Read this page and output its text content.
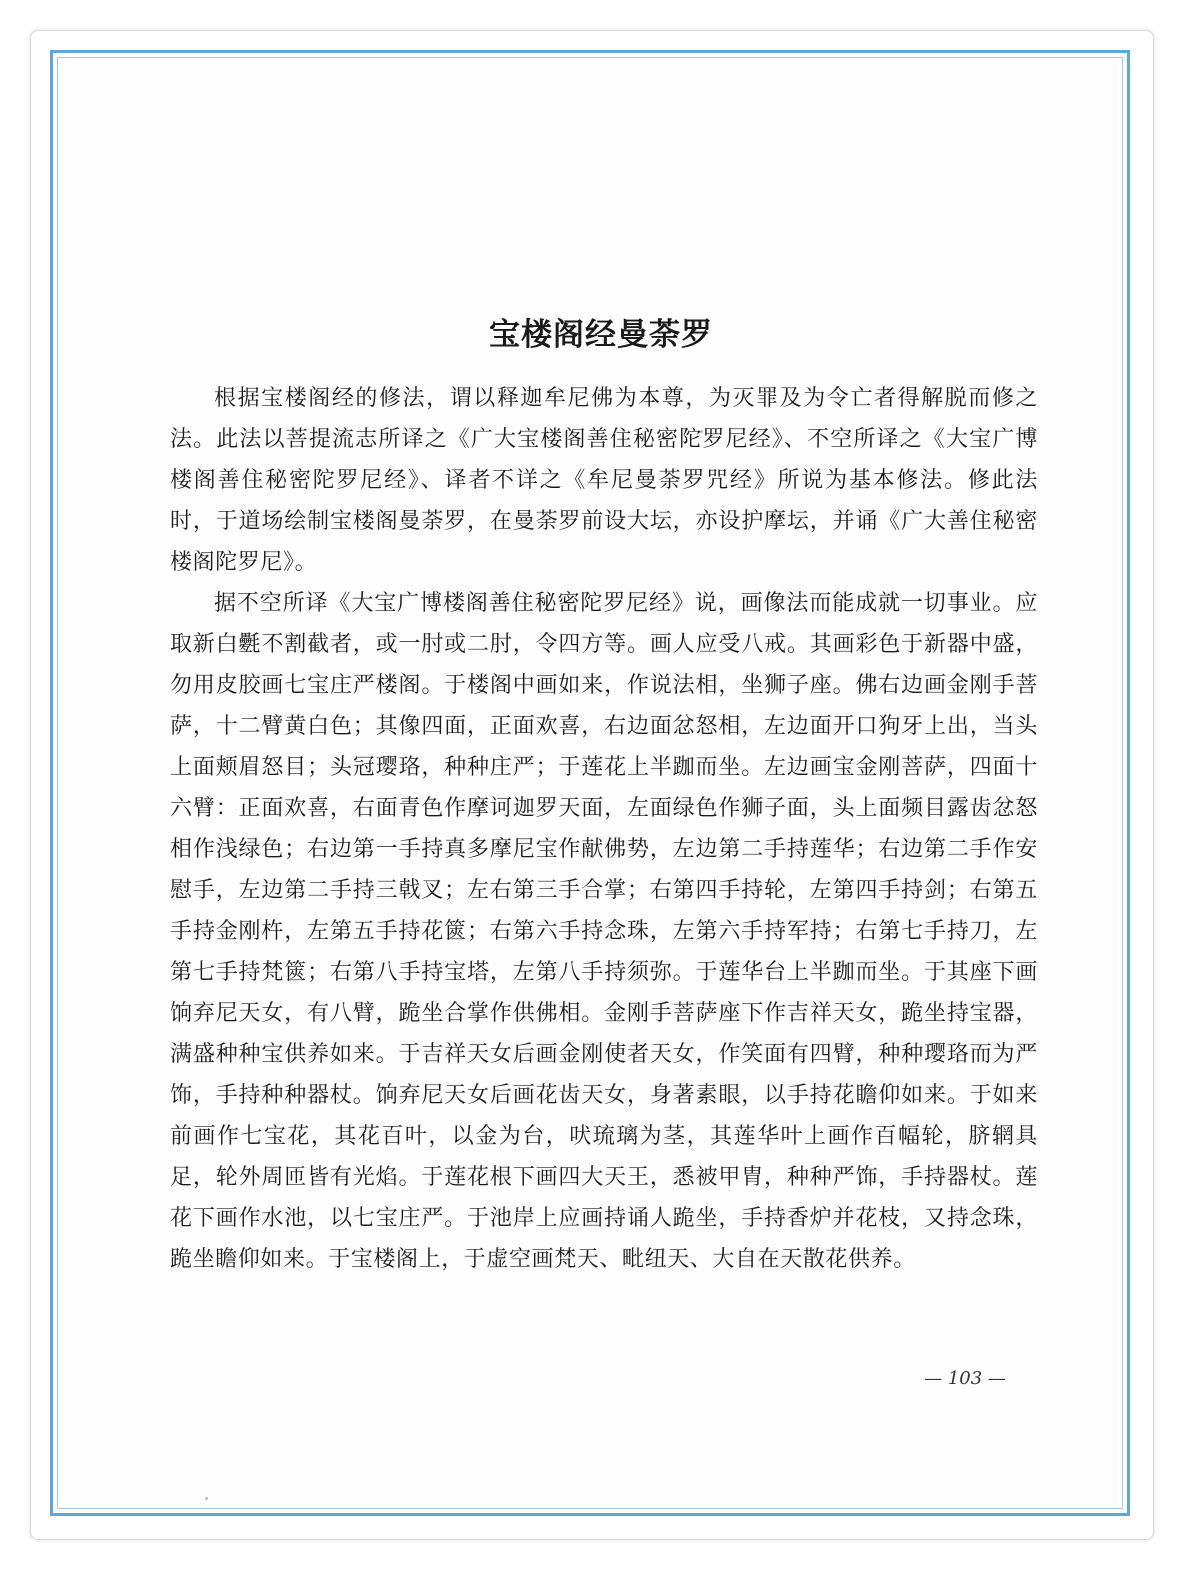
宝楼阁经曼荼罗

根据宝楼阁经的修法，谓以释迦牟尼佛为本尊，为灭罪及为令亡者得解脱而修之法。此法以菩提流志所译之《广大宝楼阁善住秘密陀罗尼经》、不空所译之《大宝广博楼阁善住秘密陀罗尼经》、译者不详之《牟尼曼荼罗咒经》所说为基本修法。修此法时，于道场绘制宝楼阁曼荼罗，在曼荼罗前设大坛，亦设护摩坛，并诵《广大善住秘密楼阁陀罗尼》。

据不空所译《大宝广博楼阁善住秘密陀罗尼经》说，画像法而能成就一切事业。应取新白氎不割截者，或一肘或二肘，令四方等。画人应受八戒。其画彩色于新器中盛，勿用皮胶画七宝庄严楼阁。于楼阁中画如来，作说法相，坐狮子座。佛右边画金刚手菩萨，十二臂黄白色；其像四面，正面欢喜，右边面忿怒相，左边面开口狗牙上出，当头上面颊眉怒目；头冠璎珞，种种庄严；于莲花上半跏而坐。左边画宝金刚菩萨，四面十六臂：正面欢喜，右面青色作摩诃迦罗天面，左面绿色作狮子面，头上面频目露齿忿怒相作浅绿色；右边第一手持真多摩尼宝作献佛势，左边第二手持莲华；右边第二手作安慰手，左边第二手持三戟叉；左右第三手合掌；右第四手持轮，左第四手持剑；右第五手持金刚杵，左第五手持花篋；右第六手持念珠，左第六手持军持；右第七手持刀，左第七手持梵篋；右第八手持宝塔，左第八手持须弥。于莲华台上半跏而坐。于其座下画饷弃尼天女，有八臂，跪坐合掌作供佛相。金刚手菩萨座下作吉祥天女，跪坐持宝器，满盛种种宝供养如来。于吉祥天女后画金刚使者天女，作笑面有四臂，种种璎珞而为严饰，手持种种器杖。饷弃尼天女后画花齿天女，身著素眼，以手持花瞻仰如来。于如来前画作七宝花，其花百叶，以金为台，吠琉璃为茎，其莲华叶上画作百幅轮，脐辋具足，轮外周匝皆有光焰。于莲花根下画四大天王，悉被甲胄，种种严饰，手持器杖。莲花下画作水池，以七宝庄严。于池岸上应画持诵人跪坐，手持香炉并花枝，又持念珠，跪坐瞻仰如来。于宝楼阁上，于虚空画梵天、毗纽天、大自在天散花供养。

— 103 —
